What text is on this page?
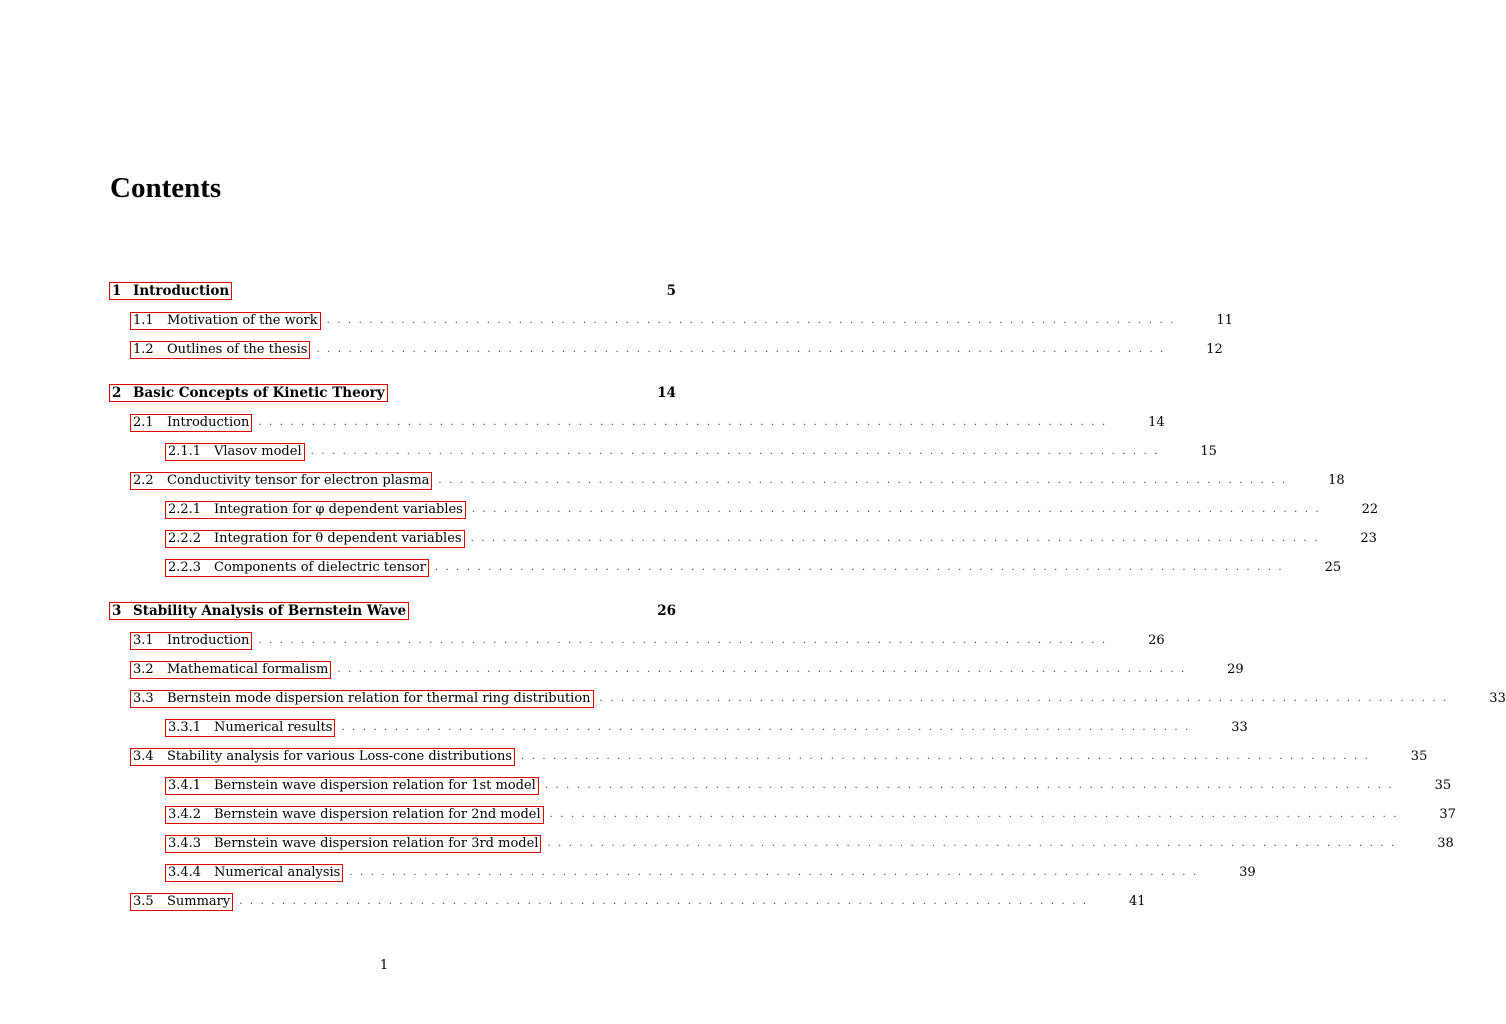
Contents
1 Introduction	5
1.1	Motivation of the work ................................................................................	11
1.2	Outlines of the thesis ................................................................................	12
2 Basic Concepts of Kinetic Theory	14
2.1	Introduction ................................................................................	14
2.1.1 Vlasov model ................................................................................	15
2.2	Conductivity tensor for electron plasma ................................................................................	18
2.2.1 Integration for φ dependent variables ................................................................................	22
2.2.2 Integration for θ dependent variables ................................................................................	23
2.2.3 Components of dielectric tensor ................................................................................	25
3 Stability Analysis of Bernstein Wave	26
3.1	Introduction ................................................................................	26
3.2	Mathematical formalism ................................................................................	29
3.3	Bernstein mode dispersion relation for thermal ring distribution ................................................................................	33
3.3.1 Numerical results ................................................................................	33
3.4	Stability analysis for various Loss-cone distributions ................................................................................	35
3.4.1 Bernstein wave dispersion relation for 1st model ................................................................................	35
3.4.2 Bernstein wave dispersion relation for 2nd model ................................................................................	37
3.4.3 Bernstein wave dispersion relation for 3rd model ................................................................................	38
3.4.4 Numerical analysis ................................................................................	39
3.5	Summary ................................................................................	41
1
